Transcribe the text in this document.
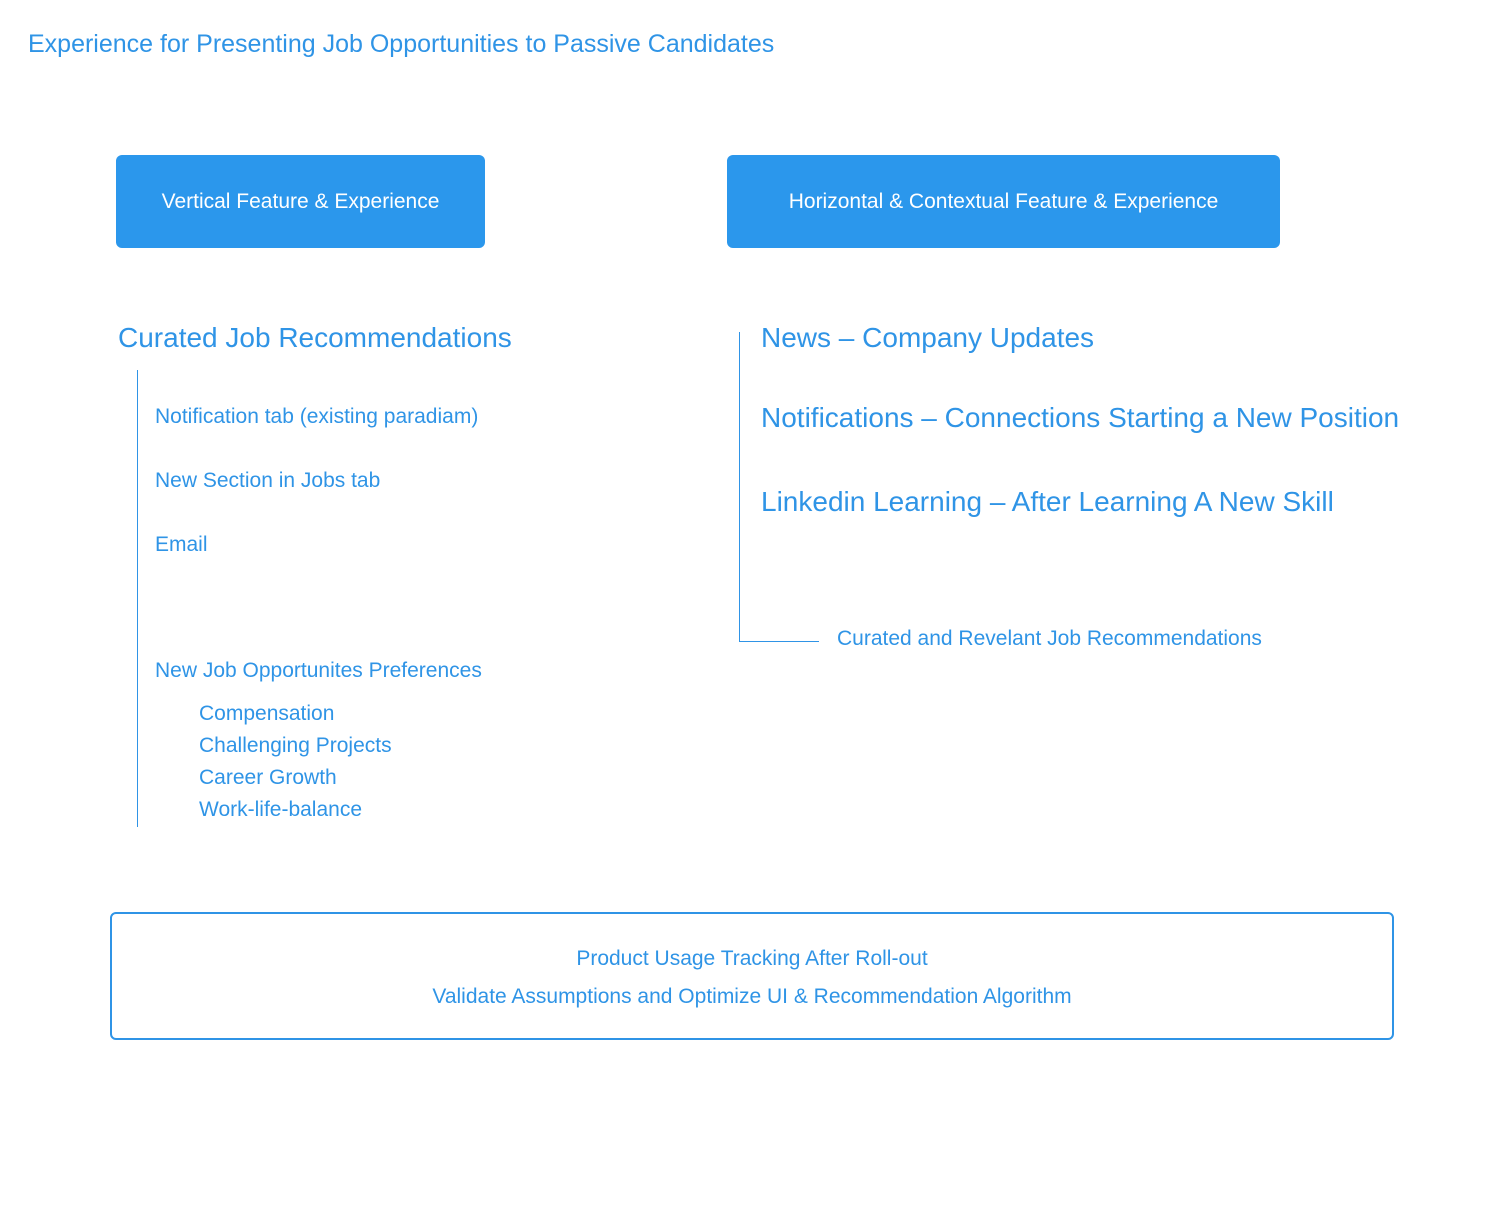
Experience for Presenting Job Opportunities to Passive Candidates
Vertical Feature & Experience	Horizontal & Contextual Feature & Experience
Curated Job Recommendations
Notification tab (existing paradiam)
New Section in Jobs tab
Email
New Job Opportunites Preferences
Compensation
Challenging Projects
Career Growth
Work-life-balance
News – Company Updates
Notifications – Connections Starting a New Position
Linkedin Learning – After Learning A New Skill
Curated and Revelant Job Recommendations
Product Usage Tracking After Roll-out
Validate Assumptions and Optimize UI & Recommendation Algorithm
